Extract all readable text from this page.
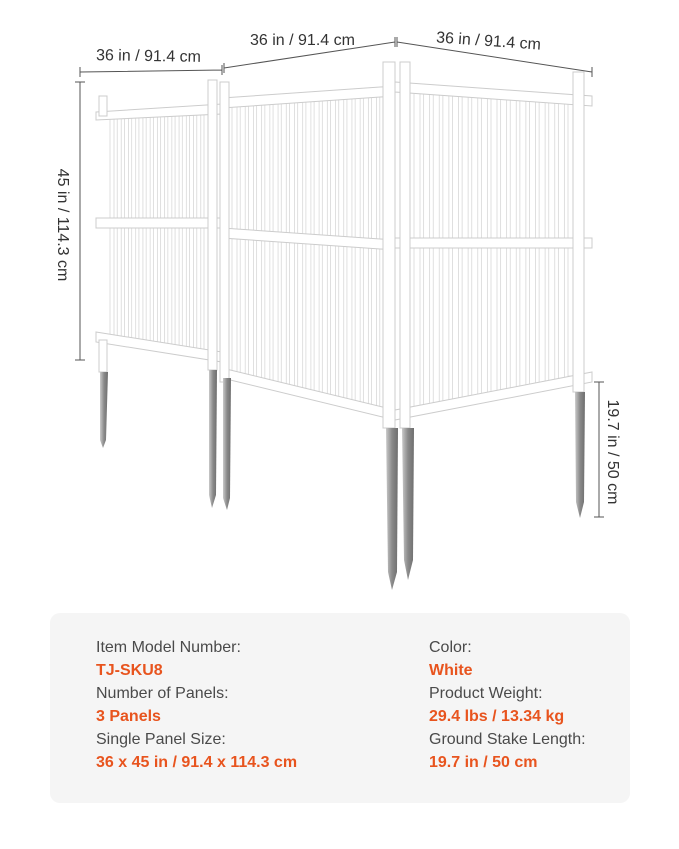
36 in / 91.4 cm
36 in / 91.4 cm	36 in / 91.4 cm
45 in / 114.3 cm
19.7 in / 50 cm
Item Model Number:
TJ-SKU8
Number of Panels:
3 Panels
Single Panel Size:
36 x 45 in / 91.4 x 114.3 cm
Color:
White
Product Weight:
29.4 lbs / 13.34 kg
Ground Stake Length:
19.7 in / 50 cm
